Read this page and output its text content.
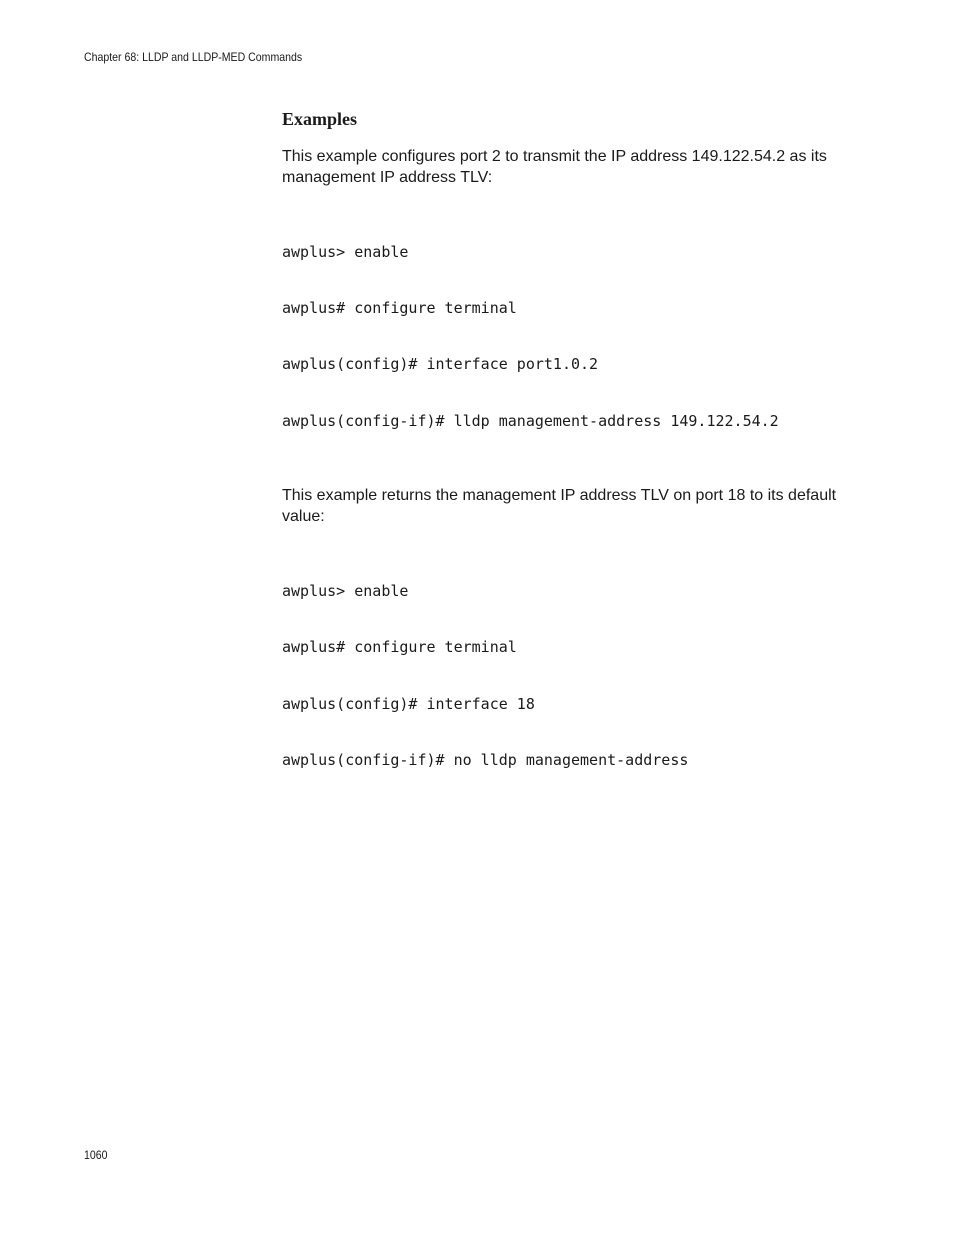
Chapter 68: LLDP and LLDP-MED Commands
Examples

This example configures port 2 to transmit the IP address 149.122.54.2 as its management IP address TLV:

awplus> enable

awplus# configure terminal

awplus(config)# interface port1.0.2

awplus(config-if)# lldp management-address 149.122.54.2

This example returns the management IP address TLV on port 18 to its default value:

awplus> enable

awplus# configure terminal

awplus(config)# interface 18

awplus(config-if)# no lldp management-address

1060
